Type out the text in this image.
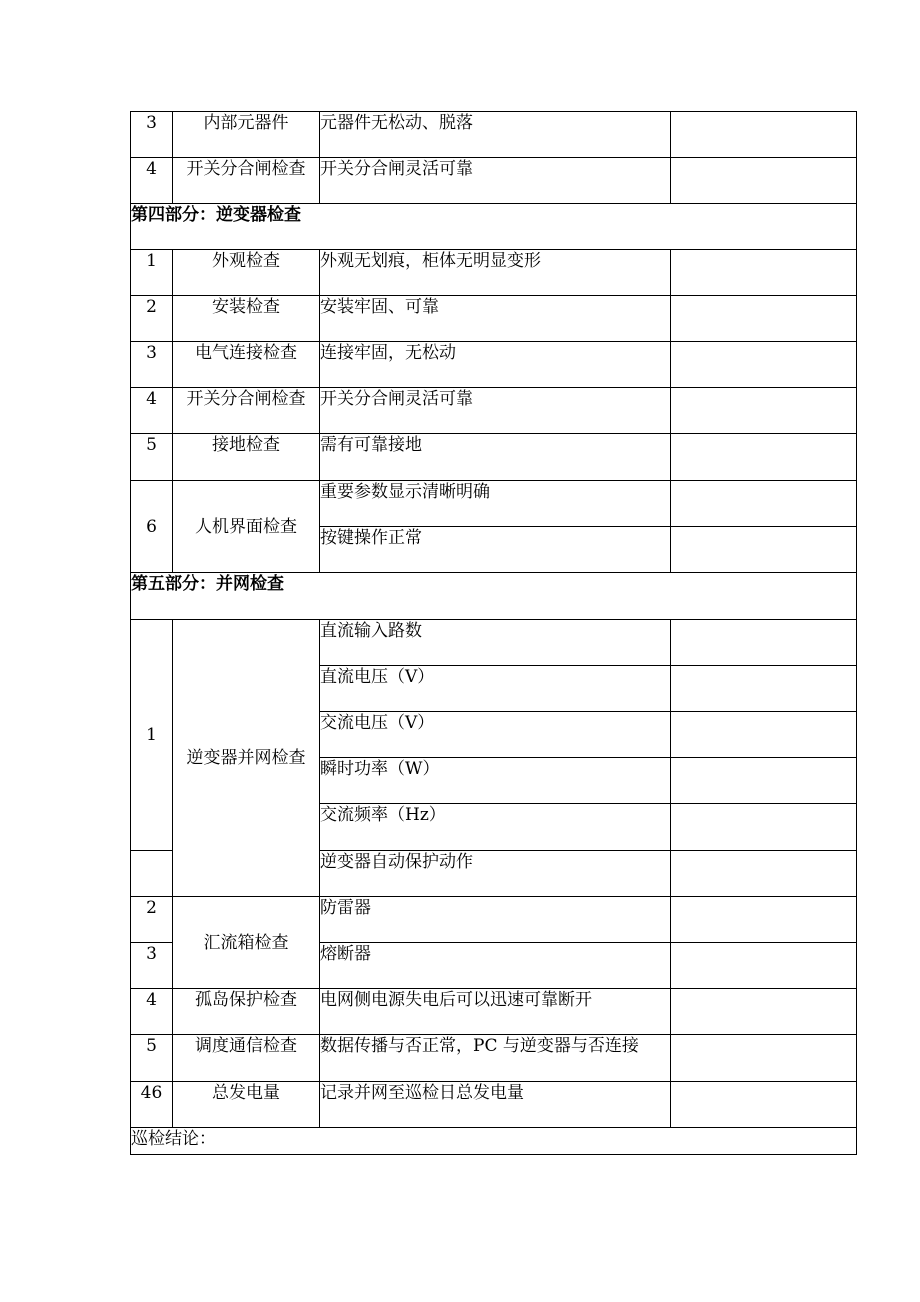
3	内部元器件	元器件无松动、脱落	
4	开关分合闸检查	开关分合闸灵活可靠	
第四部分：逆变器检查			
1	外观检查	外观无划痕，柜体无明显变形	
2	安装检查	安装牢固、可靠	
3	电气连接检查	连接牢固，无松动	
4	开关分合闸检查	开关分合闸灵活可靠	
5	接地检查	需有可靠接地	
6	人机界面检查	重要参数显示清晰明确	
		按键操作正常	
第五部分：并网检查			
1	逆变器并网检查	直流输入路数	
		直流电压（V）	
		交流电压（V）	
		瞬时功率（W）	
		交流频率（Hz）	
		逆变器自动保护动作	
2	汇流箱检查	防雷器	
3		熔断器	
4	孤岛保护检查	电网侧电源失电后可以迅速可靠断开	
5	调度通信检查	数据传播与否正常，PC 与逆变器与否连接	
46	总发电量	记录并网至巡检日总发电量	
巡检结论：			
